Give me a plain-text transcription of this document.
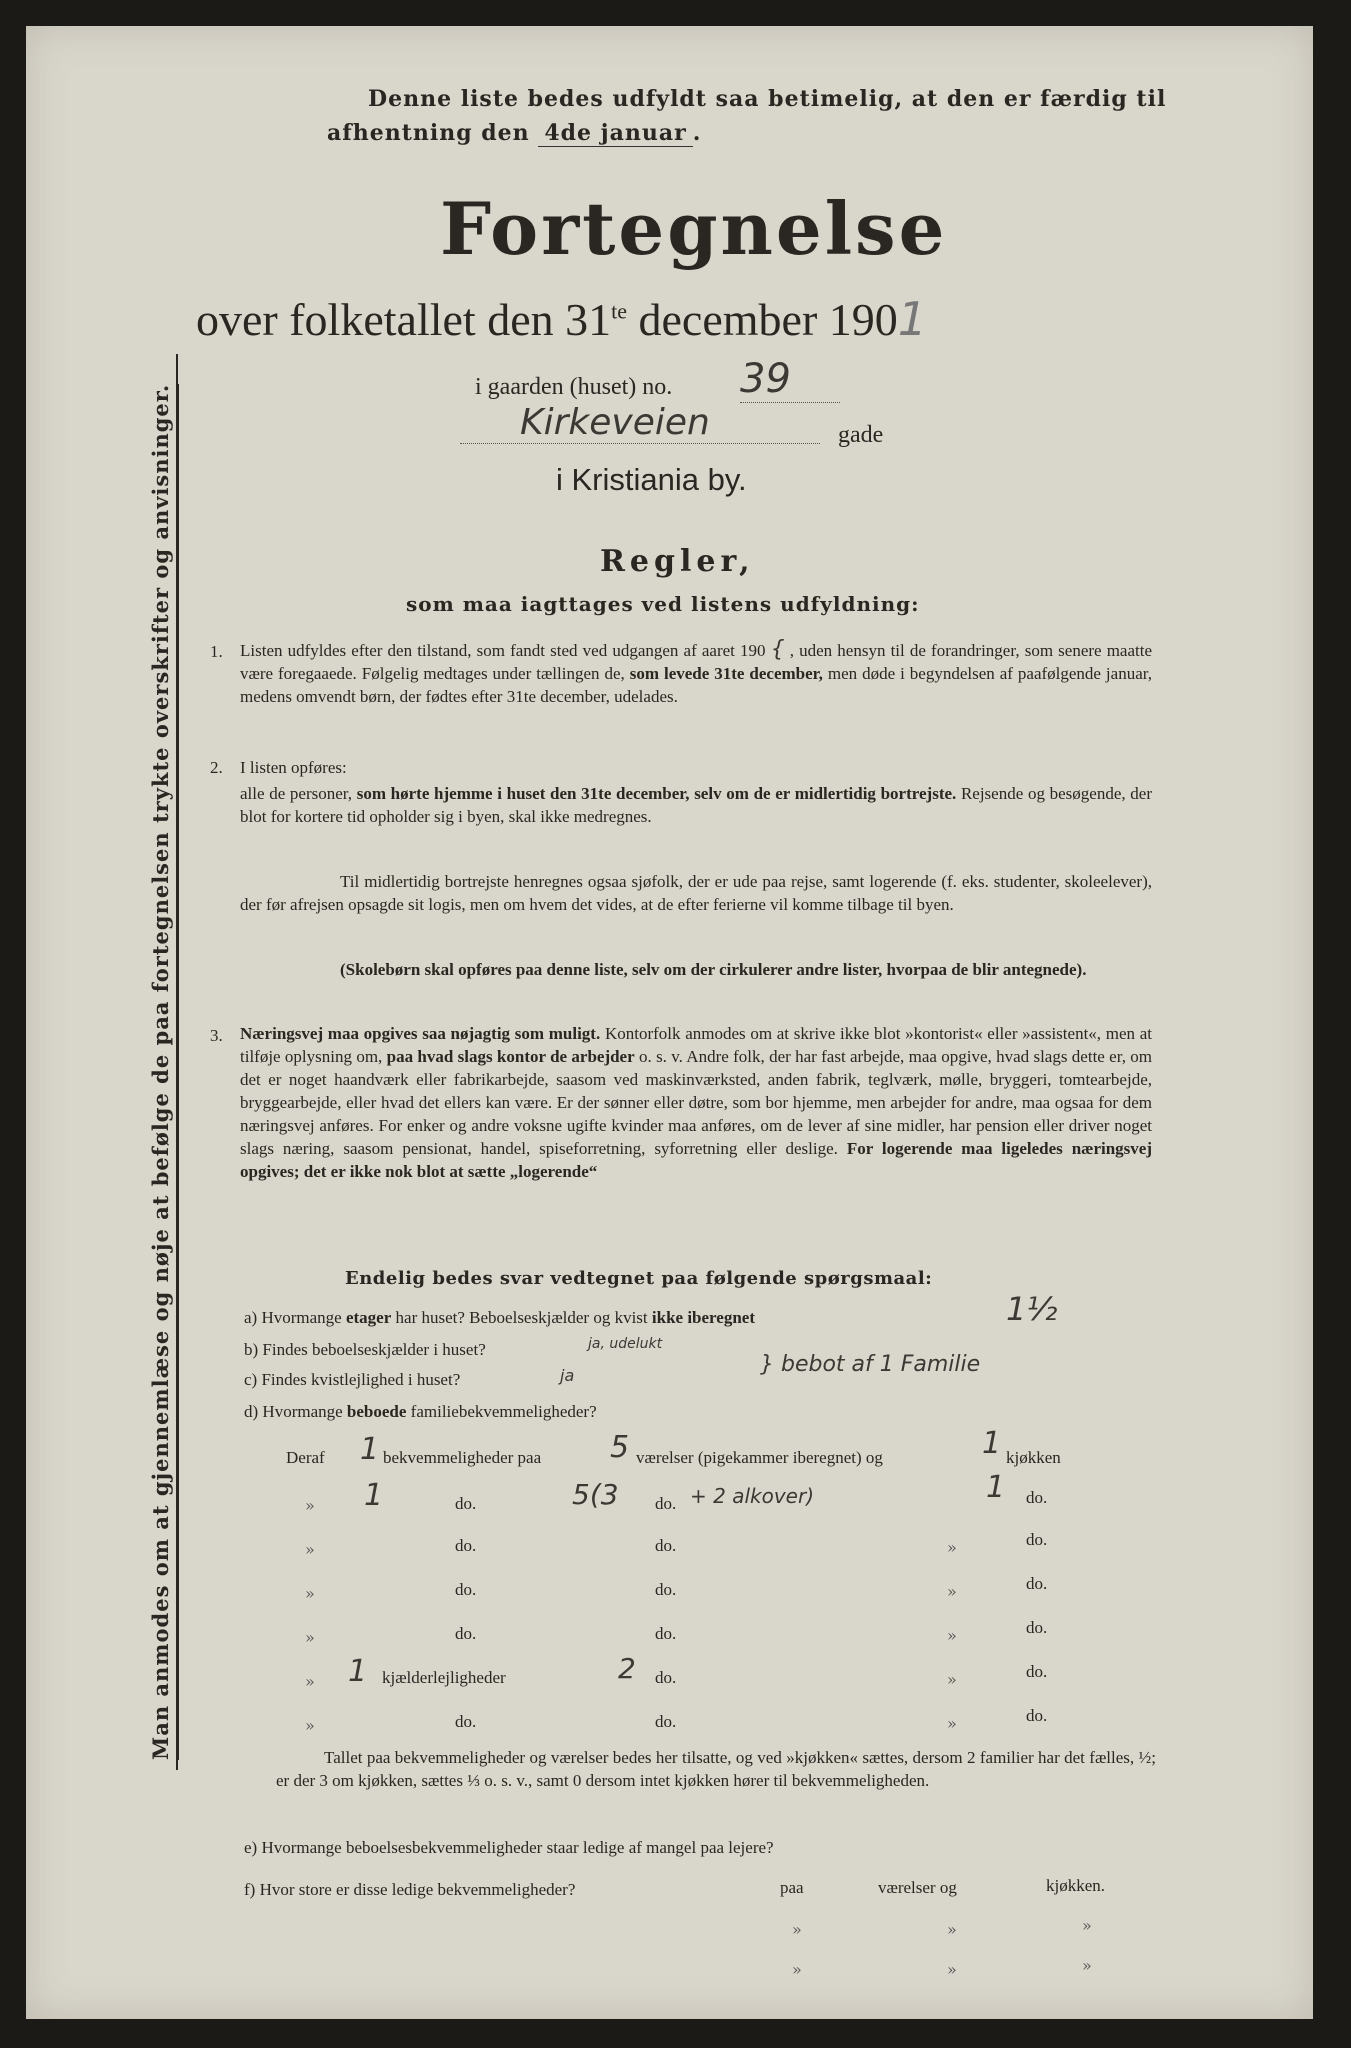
Man anmodes om at gjennemlæse og nøje at befølge de paa fortegnelsen trykte overskrifter og anvisninger.
Denne liste bedes udfyldt saa betimelig, at den er færdig til
afhentning den 4de januar .
Fortegnelse
over folketallet den $31^{te}$ december 1901
i gaarden (huset) no. 39
Kirkeveien	gade
i Kristiania by.
Regler,
som maa iagttages ved listens udfyldning:
1. Listen udfyldes efter den tilstand, som fandt sted ved udgangen af aaret 190 { , uden hensyn til de forandringer, som senere maatte være foregaaede. Følgelig medtages under tællingen de, som levede 31te december, men døde i begyndelsen af paafølgende januar, medens omvendt børn, der fødtes efter 31te december, udelades.
2. I listen opføres:
alle de personer, som hørte hjemme i huset den 31te december, selv om de er midlertidig bortrejste. Rejsende og besøgende, der blot for kortere tid opholder sig i byen, skal ikke medregnes.
Til midlertidig bortrejste henregnes ogsaa sjøfolk, der er ude paa rejse, samt logerende (f. eks. studenter, skoleelever), der før afrejsen opsagde sit logis, men om hvem det vides, at de efter ferierne vil komme tilbage til byen.
(Skolebørn skal opføres paa denne liste, selv om der cirkulerer andre lister, hvorpaa de blir antegnede).
3. Næringsvej maa opgives saa nøjagtig som muligt. Kontorfolk anmodes om at skrive ikke blot »kontorist« eller »assistent«, men at tilføje oplysning om, paa hvad slags kontor de arbejder o. s. v. Andre folk, der har fast arbejde, maa opgive, hvad slags dette er, om det er noget haandværk eller fabrikarbejde, saasom ved maskinværksted, anden fabrik, teglværk, mølle, bryggeri, tomtearbejde, bryggearbejde, eller hvad det ellers kan være. Er der sønner eller døtre, som bor hjemme, men arbejder for andre, maa ogsaa for dem næringsvej anføres. For enker og andre voksne ugifte kvinder maa anføres, om de lever af sine midler, har pension eller driver noget slags næring, saasom pensionat, handel, spiseforretning, syforretning eller deslige. For logerende maa ligeledes næringsvej opgives; det er ikke nok blot at sætte „logerende“
Endelig bedes svar vedtegnet paa følgende spørgsmaal:
a) Hvormange etager har huset? Beboelseskjælder og kvist ikke iberegnet	1½
b) Findes beboelseskjælder i huset?	ja, udelukt
c) Findes kvistlejlighed i huset?	ja	} bebot af 1 Familie
d) Hvormange beboede familiebekvemmeligheder?
Deraf 1 bekvemmeligheder paa 5 værelser (pigekammer iberegnet) og	1 kjøkken
» 1	do.	5(3 do. + 2 alkover)	1 do.
»	do.	do.	»	do.
»	do.	do.	»	do.
»	do.	do.	»	do.
» 1 kjælderlejligheder	2 do.	»	do.
»	do.	do.	»	do.
Tallet paa bekvemmeligheder og værelser bedes her tilsatte, og ved »kjøkken« sættes, dersom 2 familier har det fælles, ½; er der 3 om kjøkken, sættes ⅓ o. s. v., samt 0 dersom intet kjøkken hører til bekvemmeligheden.
e) Hvormange beboelsesbekvemmeligheder staar ledige af mangel paa lejere?
f) Hvor store er disse ledige bekvemmeligheder?	paa	værelser og	kjøkken.
»	»	»
»	»	»
